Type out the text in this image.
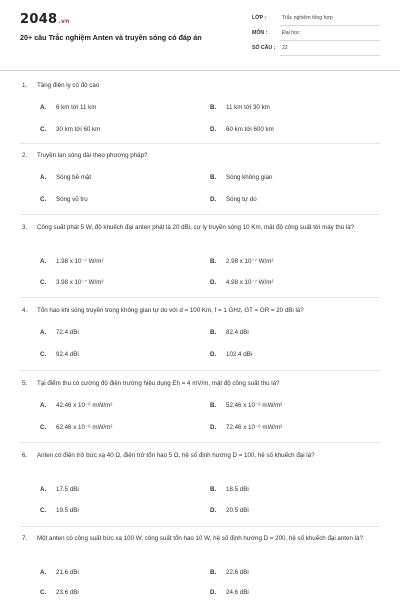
2048.vn
20+ câu Trắc nghiệm Anten và truyền sóng có đáp án
LỚP :	Trắc nghiệm tổng hợp
MÔN :	Đại học
SỐ CÂU : 22
1. Tầng điện ly có độ cao
A. 6 km tới 11 km	B. 11 km tới 30 km
C. 30 km tới 60 km	D. 60 km tới 600 km
2. Truyền lan sóng dài theo phương pháp?
A. Sóng bề mặt	B. Sóng không gian
C. Sóng vũ trụ	D. Sóng tự do
3. Công suất phát 5 W, độ khuếch đại anten phát là 20 dBi, cự ly truyền sóng 10 Km, mật độ công suất tới máy thu là?
A. 1.98 x 10⁻⁷ W/m²	B. 2.98 x 10⁻⁷ W/m²
C. 3.98 x 10⁻⁷ W/m²	D. 4.98 x 10⁻⁷ W/m²
4. Tổn hao khi sóng truyền trong không gian tự do với d = 100 Km, f = 1 GHz, GT = GR = 20 dBi là?
A. 72.4 dBi	B. 82.4 dBi
C. 92.4 dBi	D. 102.4 dBi
5. Tại điểm thu có cường độ điện trường hiệu dụng Eh = 4 mV/m, mật độ công suất thu là?
A. 42.46 x 10⁻⁶ mW/m²	B. 52.46 x 10⁻⁶ mW/m²
C. 62.46 x 10⁻⁶ mW/m²	D. 72.46 x 10⁻⁶ mW/m²
6. Anten có điện trở bức xạ 40 Ω, điện trở tổn hao 5 Ω, hệ số định hướng D = 100, hệ số khuếch đại là?
A. 17.5 dBi	B. 18.5 dBi
C. 19.5 dBi	D. 20.5 dBi
7. Một anten có công suất bức xạ 100 W, công suất tổn hao 10 W, hệ số định hướng D = 200, hệ số khuếch đại anten là?
A. 21.6 dBi	B. 22.6 dBi
C. 23.6 dBi	D. 24.6 dBi
